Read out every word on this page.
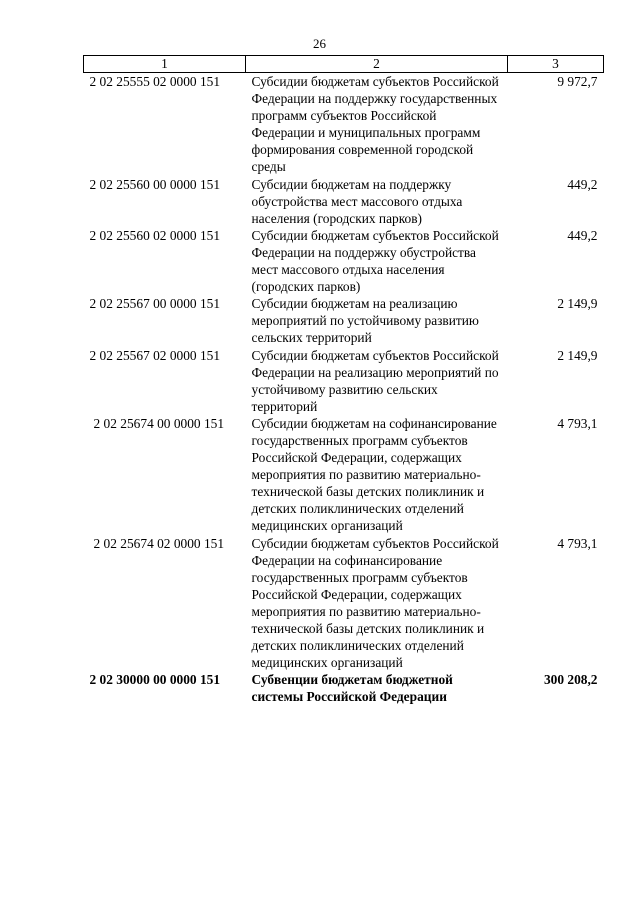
26
1	2	3
2 02 25555 02 0000 151	Субсидии бюджетам субъектов Российской Федерации на поддержку государственных программ субъектов Российской Федерации и муниципальных программ формирования современной городской среды	9 972,7
2 02 25560 00 0000 151	Субсидии бюджетам на поддержку обустройства мест массового отдыха населения (городских парков)	449,2
2 02 25560 02 0000 151	Субсидии бюджетам субъектов Российской Федерации на поддержку обустройства мест массового отдыха населения (городских парков)	449,2
2 02 25567 00 0000 151	Субсидии бюджетам на реализацию мероприятий по устойчивому развитию сельских территорий	2 149,9
2 02 25567 02 0000 151	Субсидии бюджетам субъектов Российской Федерации на реализацию мероприятий по устойчивому развитию сельских территорий	2 149,9
2 02 25674 00 0000 151	Субсидии бюджетам на софинансирование государственных программ субъектов Российской Федерации, содержащих мероприятия по развитию материально-технической базы детских поликлиник и детских поликлинических отделений медицинских организаций	4 793,1
2 02 25674 02 0000 151	Субсидии бюджетам субъектов Российской Федерации на софинансирование государственных программ субъектов Российской Федерации, содержащих мероприятия по развитию материально-технической базы детских поликлиник и детских поликлинических отделений медицинских организаций	4 793,1
2 02 30000 00 0000 151	Субвенции бюджетам бюджетной системы Российской Федерации	300 208,2
